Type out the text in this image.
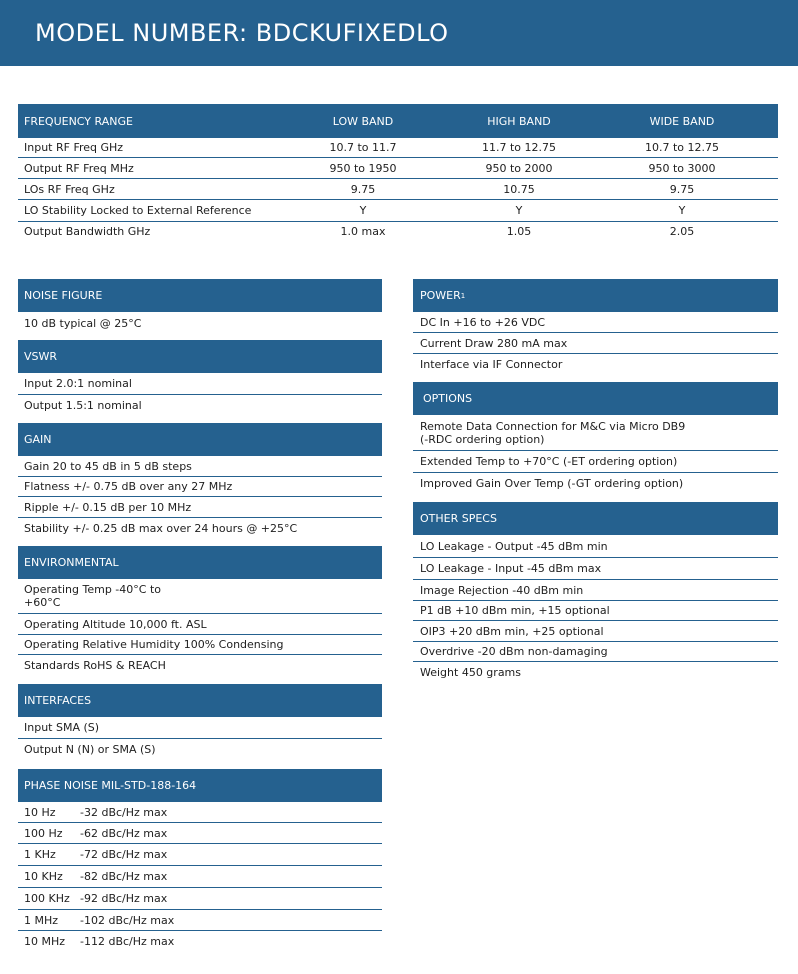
MODEL NUMBER: BDCKUFIXEDLO
FREQUENCY RANGE	LOW BAND	HIGH BAND	WIDE BAND
Input RF Freq GHz	10.7 to 11.7	11.7 to 12.75	10.7 to 12.75
Output RF Freq MHz	950 to 1950	950 to 2000	950 to 3000
LOs RF Freq GHz	9.75	10.75	9.75
LO Stability Locked to External Reference	Y	Y	Y
Output Bandwidth GHz	1.0 max	1.05	2.05
NOISE FIGURE
10 dB typical @ 25°C
VSWR
Input 2.0:1 nominal
Output 1.5:1 nominal
GAIN
Gain 20 to 45 dB in 5 dB steps
Flatness +/- 0.75 dB over any 27 MHz
Ripple +/- 0.15 dB per 10 MHz
Stability +/- 0.25 dB max over 24 hours @ +25°C
ENVIRONMENTAL
Operating Temp -40°C to
+60°C
Operating Altitude 10,000 ft. ASL
Operating Relative Humidity 100% Condensing
Standards RoHS & REACH
INTERFACES
Input SMA (S)
Output N (N) or SMA (S)
PHASE NOISE MIL-STD-188-164
10 Hz	-32 dBc/Hz max
100 Hz	-62 dBc/Hz max
1 KHz	-72 dBc/Hz max
10 KHz	-82 dBc/Hz max
100 KHz -92 dBc/Hz max
1 MHz	-102 dBc/Hz max
10 MHz	-112 dBc/Hz max
POWER 1
DC In +16 to +26 VDC
Current Draw 280 mA max
Interface via IF Connector
OPTIONS
Remote Data Connection for M&C via Micro DB9
(-RDC ordering option)
Extended Temp to +70°C (-ET ordering option)
Improved Gain Over Temp (-GT ordering option)
OTHER SPECS
LO Leakage - Output -45 dBm min
LO Leakage - Input -45 dBm max
Image Rejection -40 dBm min
P1 dB +10 dBm min, +15 optional
OIP3 +20 dBm min, +25 optional
Overdrive -20 dBm non-damaging
Weight 450 grams
